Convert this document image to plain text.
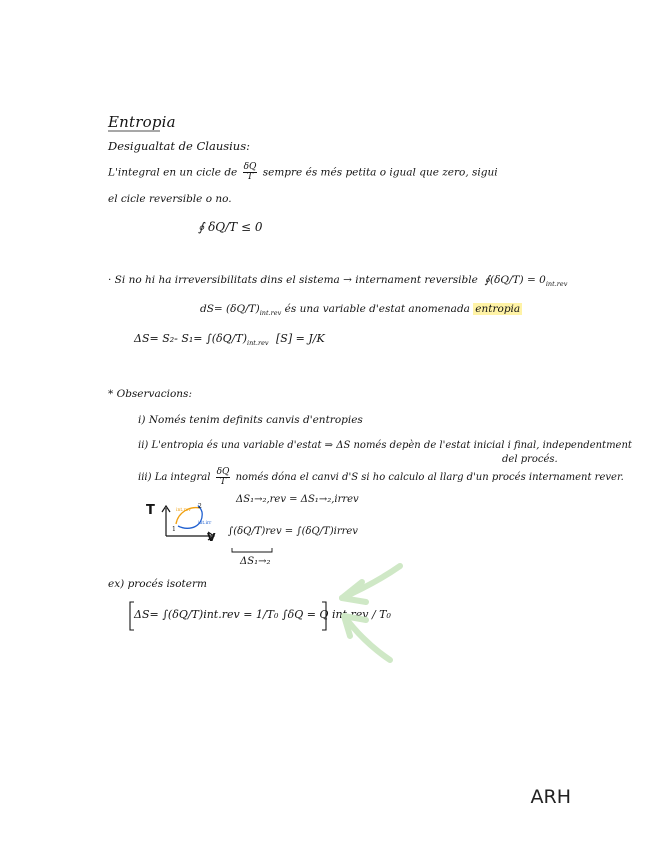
Entropia
Desigualtat de Clausius:
L'integral en un cicle de $\frac{\delta Q}{T}$ sempre és més petita o igual que zero, sigui
el cicle reversible o no.
∮ δQ/T ≤ 0
· Si no hi ha irreversibilitats dins el sistema → internament reversible ∮(δQ/T) = $0_{int.rev}$
$dS= (\delta Q/T)_{int.rev}$ és una variable d'estat anomenada entropia
ΔS= S₂- $S_1= \int(\delta Q/T)_{int.rev}$ [S] = J/K
* Observacions:
i) Només tenim definits canvis d'entropies
ii) L'entropia és una variable d'estat ⇒ ΔS només depèn de l'estat inicial i final, independentment
del procés.
iii) La integral $\frac{\delta Q}{T}$ només dóna el canvi d'S si ho calculo al llarg d'un procés internament rever.
T
V
1
2
int.rev
int.irr
ΔS₁→₂,rev = ΔS₁→₂,irrev
∫(δQ/T)rev = ∫(δQ/T)irrev
ΔS₁→₂
ex) procés isoterm
ΔS= ∫(δQ/T)int.rev = 1/T₀ ∫δQ = Q int.rev / T₀
ARH
